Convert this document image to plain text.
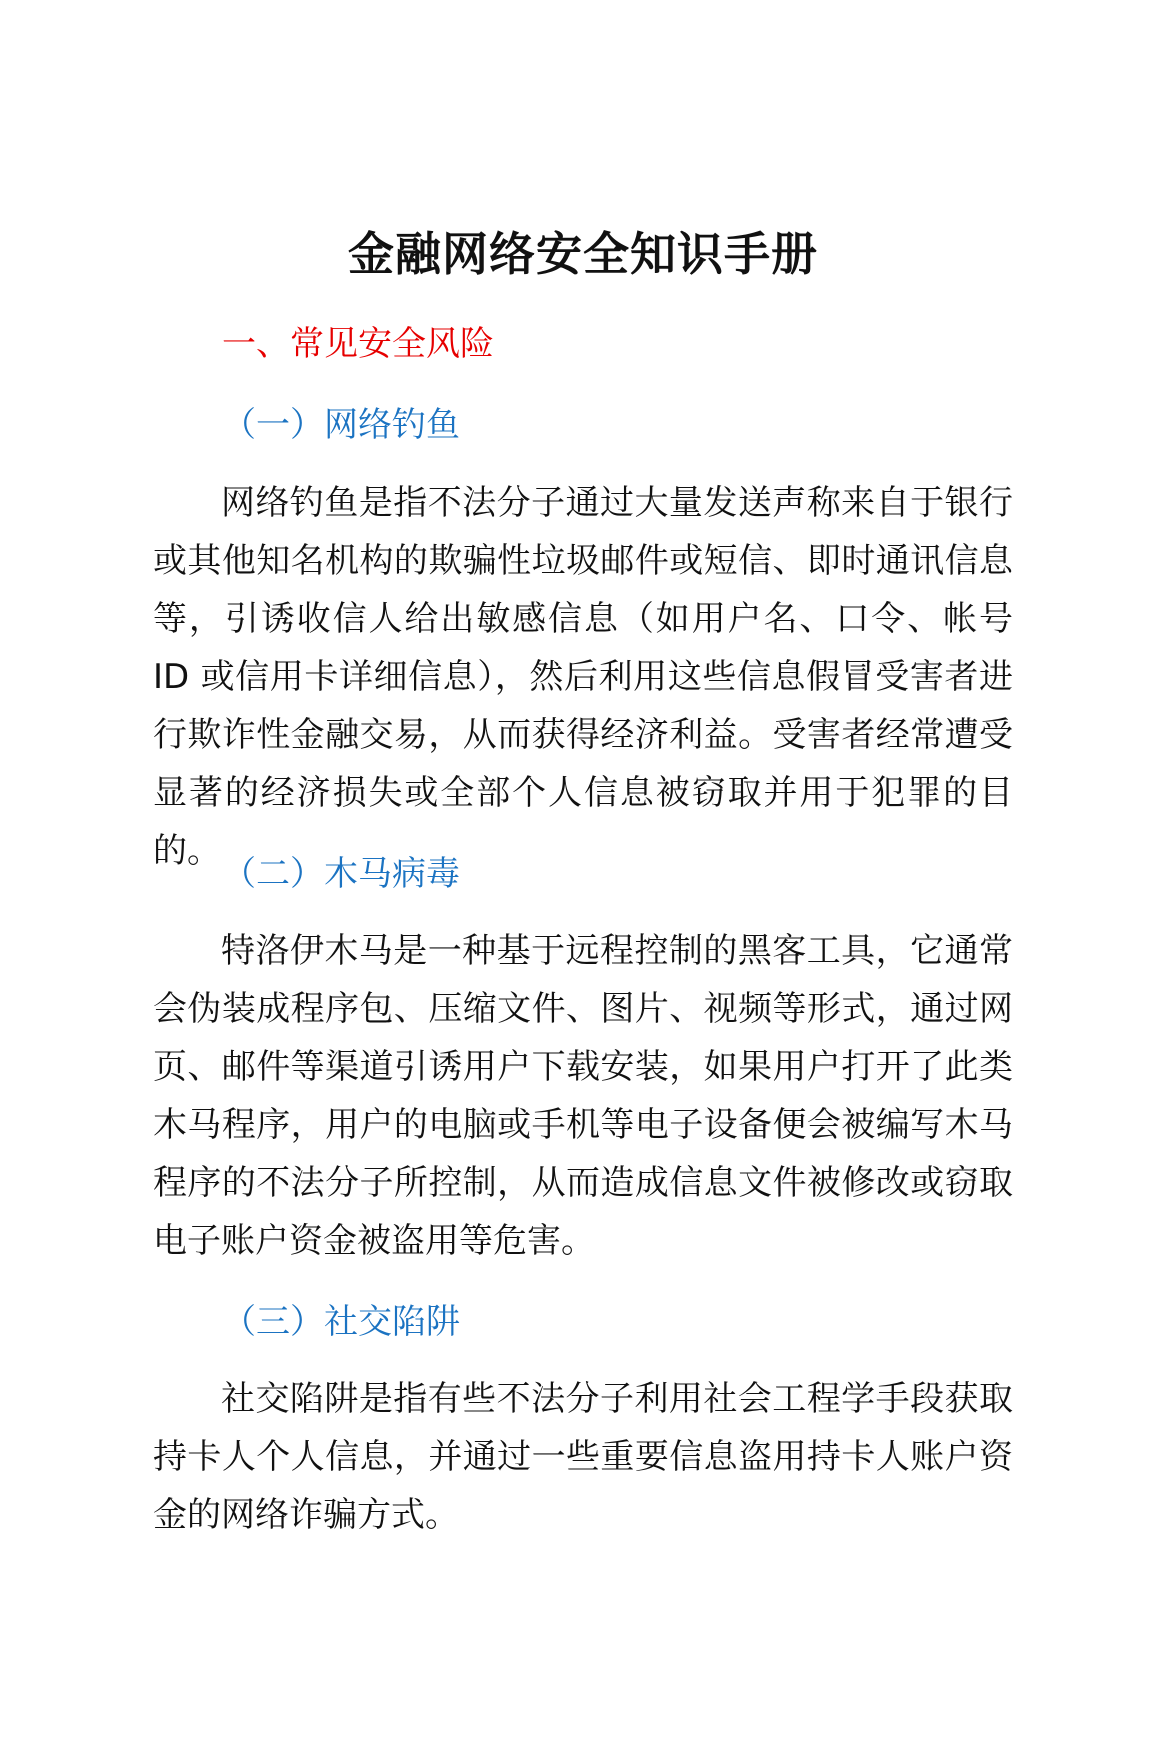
金融网络安全知识手册
一、常见安全风险
（一）网络钓鱼

网络钓鱼是指不法分子通过大量发送声称来自于银行或其他知名机构的欺骗性垃圾邮件或短信、即时通讯信息等，引诱收信人给出敏感信息（如用户名、口令、帐号 ID 或信用卡详细信息），然后利用这些信息假冒受害者进行欺诈性金融交易，从而获得经济利益。受害者经常遭受显著的经济损失或全部个人信息被窃取并用于犯罪的目的。

（二）木马病毒

特洛伊木马是一种基于远程控制的黑客工具，它通常会伪装成程序包、压缩文件、图片、视频等形式，通过网页、邮件等渠道引诱用户下载安装，如果用户打开了此类木马程序，用户的电脑或手机等电子设备便会被编写木马程序的不法分子所控制，从而造成信息文件被修改或窃取电子账户资金被盗用等危害。

（三）社交陷阱

社交陷阱是指有些不法分子利用社会工程学手段获取持卡人个人信息，并通过一些重要信息盗用持卡人账户资金的网络诈骗方式。
